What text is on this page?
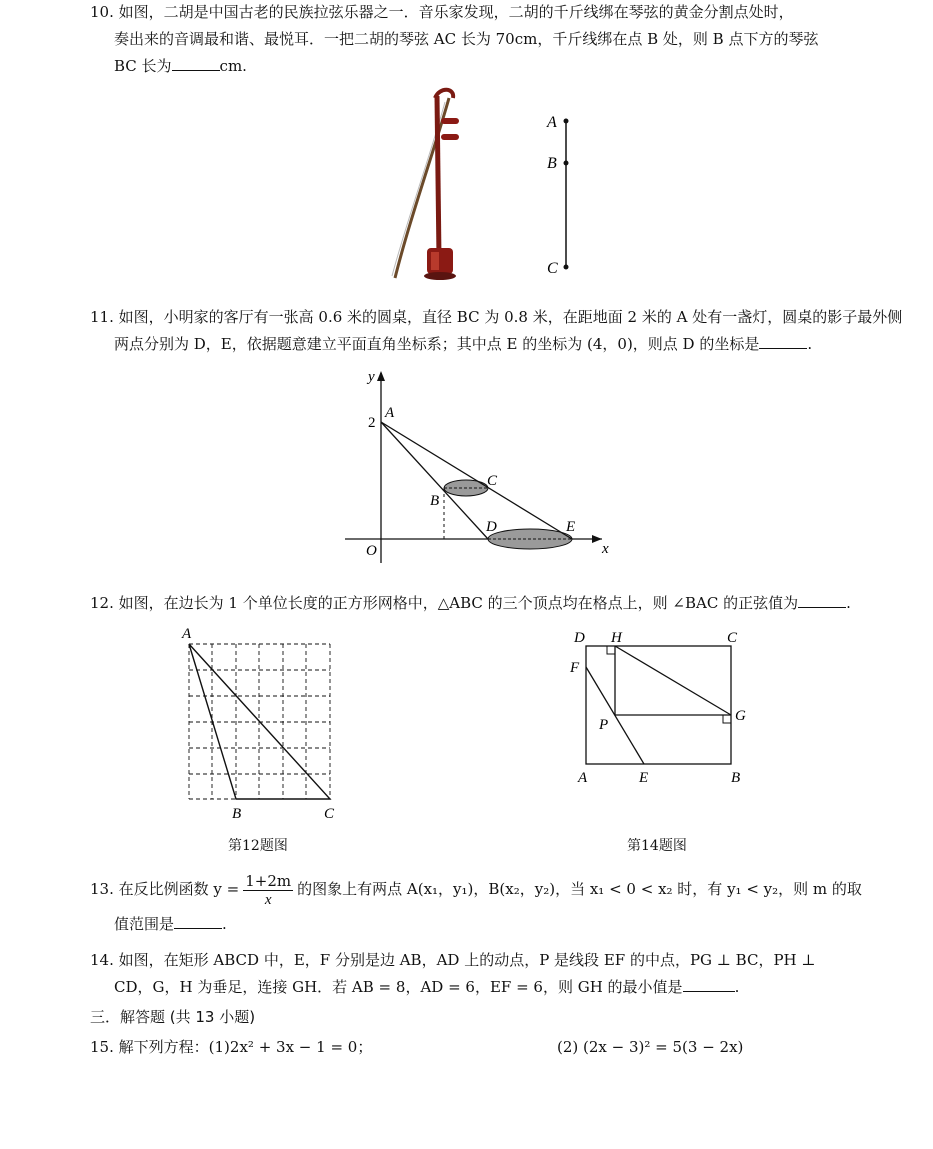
10. 如图，二胡是中国古老的民族拉弦乐器之一．音乐家发现，二胡的千斤线绑在琴弦的黄金分割点处时，
奏出来的音调最和谐、最悦耳．一把二胡的琴弦 AC 长为 70cm，千斤线绑在点 B 处，则 B 点下方的琴弦
BC 长为	cm.
A
B
C
11. 如图，小明家的客厅有一张高 0.6 米的圆桌，直径 BC 为 0.8 米，在距地面 2 米的 A 处有一盏灯，圆桌的影子最外侧
两点分别为 D，E，依据题意建立平面直角坐标系；其中点 E 的坐标为 (4，0)，则点 D 的坐标是	.
y
x
O
2
A
B
C
D	E
12. 如图，在边长为 1 个单位长度的正方形网格中，△ABC 的三个顶点均在格点上，则 ∠BAC 的正弦值为	.
A
B	C
第12题图
D H	C
F
G
P
A	E	B
第14题图
13. 在反比例函数 $y = \frac{1+2m}{x}$ 的图象上有两点 A(x₁，y₁)，B(x₂，y₂)，当 x₁ < 0 < x₂ 时，有 y₁ < y₂，则 m 的取
值范围是	.
14. 如图，在矩形 ABCD 中，E，F 分别是边 AB，AD 上的动点，P 是线段 EF 的中点，PG ⊥ BC，PH ⊥
CD，G，H 为垂足，连接 GH．若 AB = 8，AD = 6，EF = 6，则 GH 的最小值是	.
三．解答题 (共 13 小题)
15. 解下列方程：(1)2x² + 3x − 1 = 0；	(2) (2x − 3)² = 5(3 − 2x)
